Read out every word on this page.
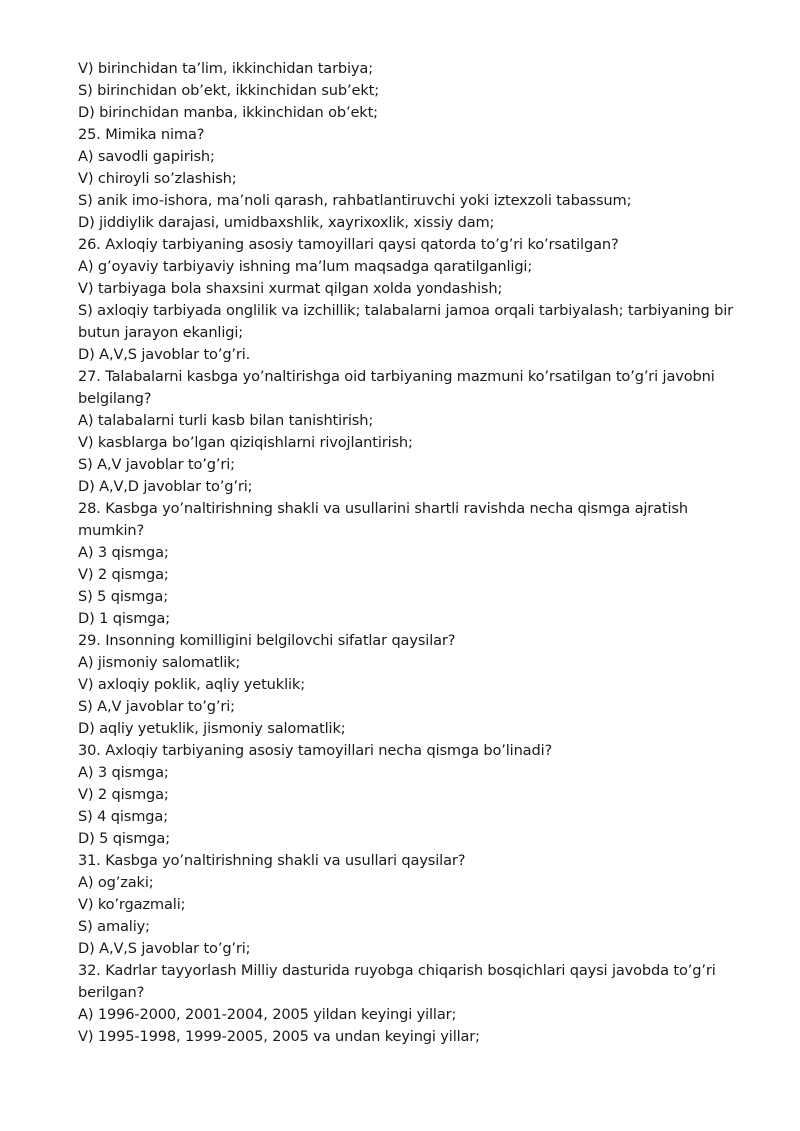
V) birinchidan ta’lim, ikkinchidan tarbiya;
S) birinchidan ob’ekt, ikkinchidan sub’ekt;
D) birinchidan manba, ikkinchidan ob’ekt;
25. Mimika nima?
A) savodli gapirish;
V) chiroyli so’zlashish;
S) anik imo-ishora, ma’noli qarash, rahbatlantiruvchi yoki iztexzoli tabassum;
D) jiddiylik darajasi, umidbaxshlik, xayrixoxlik, xissiy dam;
26. Axloqiy tarbiyaning asosiy tamoyillari qaysi qatorda to’g’ri ko’rsatilgan?
A) g’oyaviy tarbiyaviy ishning ma’lum maqsadga qaratilganligi;
V) tarbiyaga bola shaxsini xurmat qilgan xolda yondashish;
S) axloqiy tarbiyada onglilik va izchillik; talabalarni jamoa orqali tarbiyalash; tarbiyaning bir butun jarayon ekanligi;
D) A,V,S javoblar to’g’ri.
27. Talabalarni kasbga yo’naltirishga oid tarbiyaning mazmuni ko’rsatilgan to’g’ri javobni belgilang?
A) talabalarni turli kasb bilan tanishtirish;
V) kasblarga bo’lgan qiziqishlarni rivojlantirish;
S) A,V javoblar to’g’ri;
D) A,V,D javoblar to’g’ri;
28. Kasbga yo’naltirishning shakli va usullarini shartli ravishda necha qismga ajratish mumkin?
A) 3 qismga;
V) 2 qismga;
S) 5 qismga;
D) 1 qismga;
29. Insonning komilligini belgilovchi sifatlar qaysilar?
A) jismoniy salomatlik;
V) axloqiy poklik, aqliy yetuklik;
S) A,V javoblar to’g’ri;
D) aqliy yetuklik, jismoniy salomatlik;
30. Axloqiy tarbiyaning asosiy tamoyillari necha qismga bo’linadi?
A) 3 qismga;
V) 2 qismga;
S) 4 qismga;
D) 5 qismga;
31. Kasbga yo’naltirishning shakli va usullari qaysilar?
A) og’zaki;
V) ko’rgazmali;
S) amaliy;
D) A,V,S javoblar to’g’ri;
32. Kadrlar tayyorlash Milliy dasturida ruyobga chiqarish bosqichlari qaysi javobda to’g’ri berilgan?
A) 1996-2000, 2001-2004, 2005 yildan keyingi yillar;
V) 1995-1998, 1999-2005, 2005 va undan keyingi yillar;
